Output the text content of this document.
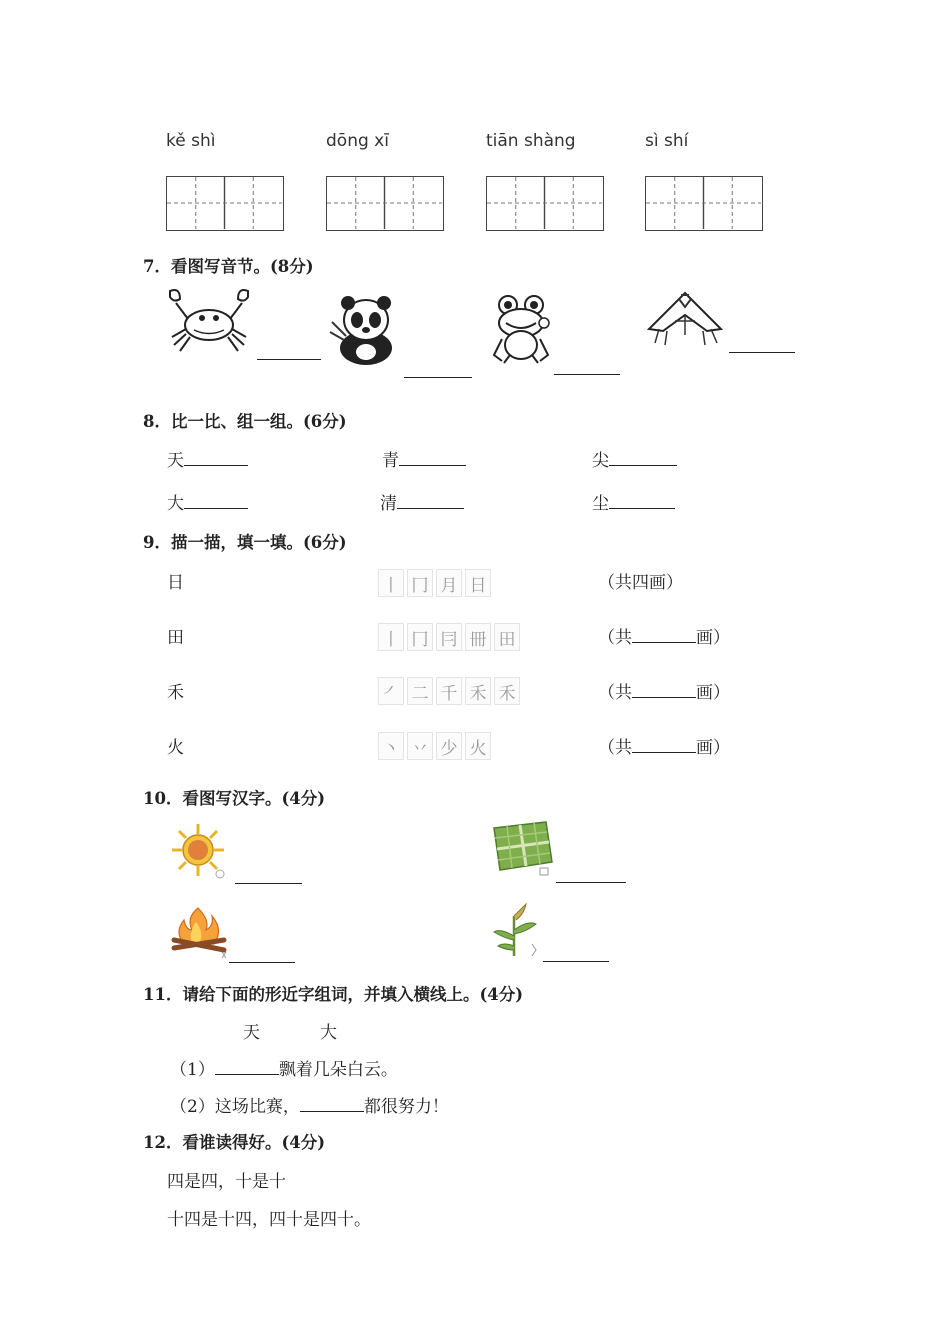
kě shì	dōng xī	tiān shàng	sì shí
7．看图写音节。(8分)
8．比一比、组一组。(6分)
天	青	尖
大	清	尘
9．描一描，填一填。(6分)
日	丨 冂 月 日	（共四画）
田	丨 冂 冃 冊 田	（共	画）
禾	㇒ 二 千 禾 禾	（共	画）
火	丶 丷 少 火	（共	画）
10．看图写汉字。(4分)
11．请给下面的形近字组词，并填入横线上。(4分)
天	大
（1）	飘着几朵白云。
（2）这场比赛，	都很努力！
12．看谁读得好。(4分)
四是四，十是十
十四是十四，四十是四十。
